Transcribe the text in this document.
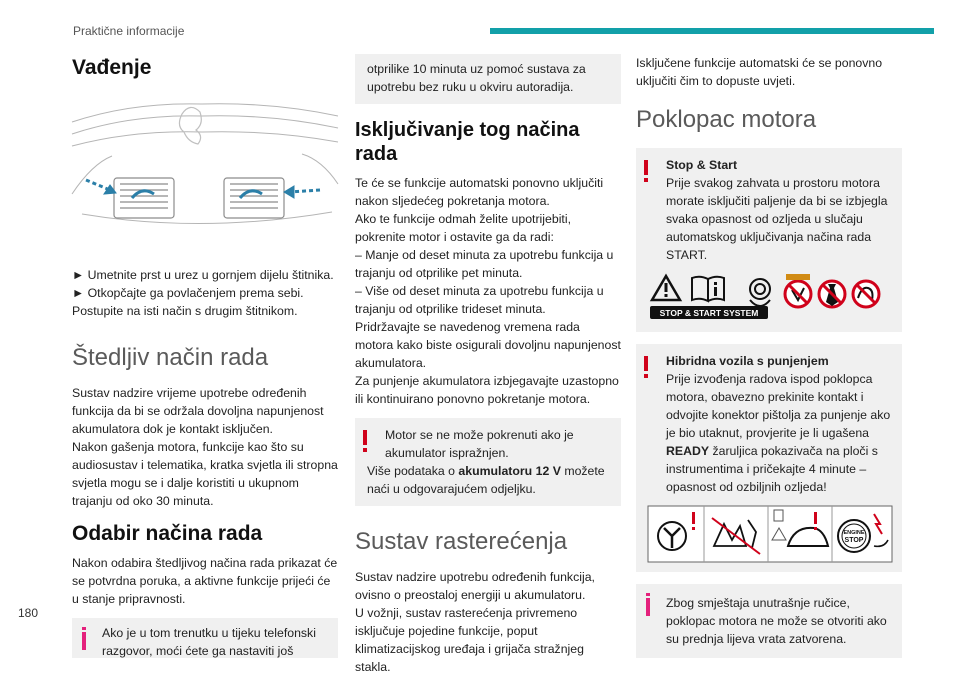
Praktične informacije
180
Vađenje

► Umetnite prst u urez u gornjem dijelu štitnika.

► Otkopčajte ga povlačenjem prema sebi.

Postupite na isti način s drugim štitnikom.

Štedljiv način rada

Sustav nadzire vrijeme upotrebe određenih funkcija da bi se održala dovoljna napunjenost akumulatora dok je kontakt isključen.

Nakon gašenja motora, funkcije kao što su audiosustav i telematika, kratka svjetla ili stropna svjetla mogu se i dalje koristiti u ukupnom trajanju od oko 30 minuta.

Odabir načina rada

Nakon odabira štedljivog načina rada prikazat će se potvrdna poruka, a aktivne funkcije prijeći će u stanje pripravnosti.

Ako je u tom trenutku u tijeku telefonski razgovor, moći ćete ga nastaviti još

otprilike 10 minuta uz pomoć sustava za upotrebu bez ruku u okviru autoradija.

Isključivanje tog načina rada

Te će se funkcije automatski ponovno uključiti nakon sljedećeg pokretanja motora.

Ako te funkcije odmah želite upotrijebiti, pokrenite motor i ostavite ga da radi:

– Manje od deset minuta za upotrebu funkcija u trajanju od otprilike pet minuta.

– Više od deset minuta za upotrebu funkcija u trajanju od otprilike trideset minuta.

Pridržavajte se navedenog vremena rada motora kako biste osigurali dovoljnu napunjenost akumulatora.

Za punjenje akumulatora izbjegavajte uzastopno ili kontinuirano ponovno pokretanje motora.

Motor se ne može pokrenuti ako je akumulator ispražnjen.

Više podataka o akumulatoru 12 V možete naći u odgovarajućem odjeljku.

Sustav rasterećenja

Sustav nadzire upotrebu određenih funkcija, ovisno o preostaloj energiji u akumulatoru.

U vožnji, sustav rasterećenja privremeno isključuje pojedine funkcije, poput klimatizacijskog uređaja i grijača stražnjeg stakla.

Isključene funkcije automatski će se ponovno uključiti čim to dopuste uvjeti.

Poklopac motora

Stop & Start

Prije svakog zahvata u prostoru motora morate isključiti paljenje da bi se izbjegla svaka opasnost od ozljeda u slučaju automatskog uključivanja načina rada START.

STOP & START SYSTEM

Hibridna vozila s punjenjem

Prije izvođenja radova ispod poklopca motora, obavezno prekinite kontakt i odvojite konektor pištolja za punjenje ako je bio utaknut, provjerite je li ugašena READY žaruljica pokazivača na ploči s instrumentima i pričekajte 4 minute – opasnost od ozbiljnih ozljeda!

ENGINE
STOP

Zbog smještaja unutrašnje ručice, poklopac motora ne može se otvoriti ako su prednja lijeva vrata zatvorena.
